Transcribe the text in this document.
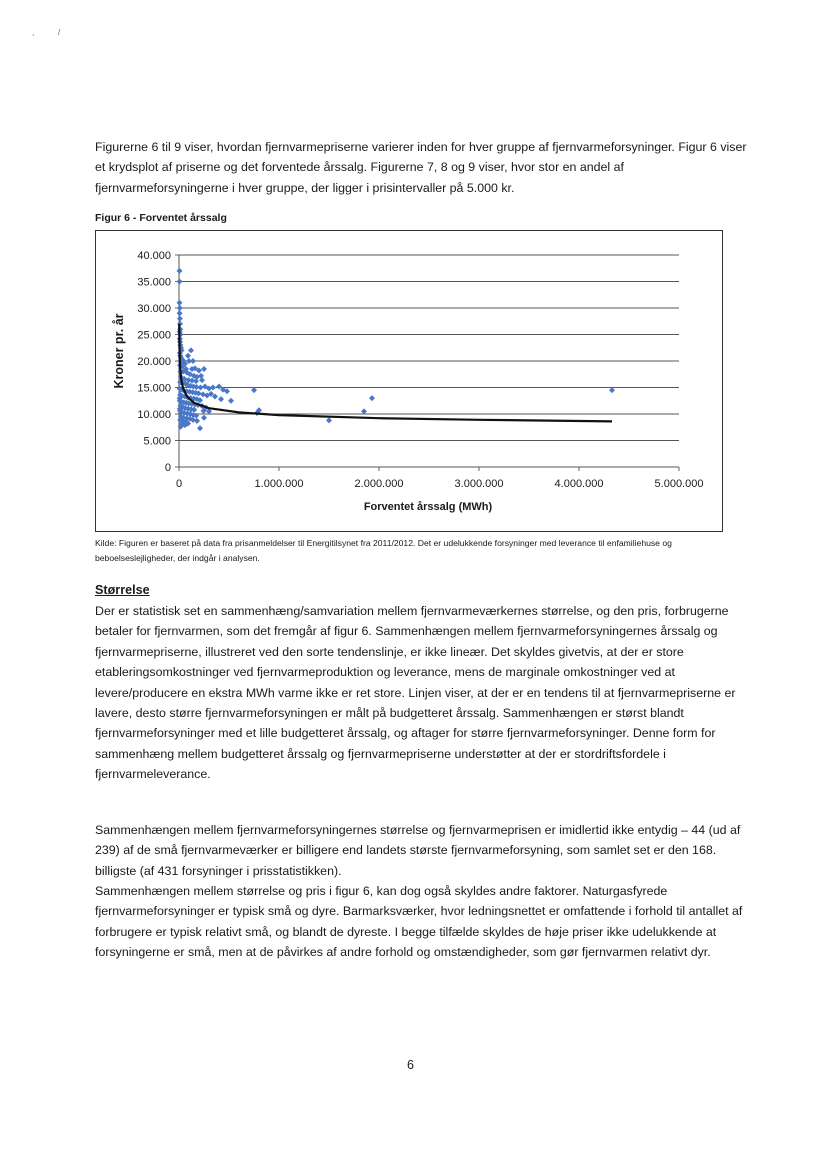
,	/

Figurerne 6 til 9 viser, hvordan fjernvarmepriserne varierer inden for hver gruppe af fjernvarmeforsyninger. Figur 6 viser et krydsplot af priserne og det forventede årssalg. Figurerne 7, 8 og 9 viser, hvor stor en andel af fjernvarmeforsyningerne i hver gruppe, der ligger i prisintervaller på 5.000 kr.

Figur 6 - Forventet årssalg

40.000
35.000
30.000
25.000
20.000
15.000
10.000
5.000
0
0	1.000.000	2.000.000	3.000.000	4.000.000	5.000.000
Kroner pr. år
Forventet årssalg (MWh)

Kilde: Figuren er baseret på data fra prisanmeldelser til Energitilsynet fra 2011/2012. Det er udelukkende forsyninger med leverance til enfamiliehuse og beboelseslejligheder, der indgår i analysen.

Størrelse

Der er statistisk set en sammenhæng/samvariation mellem fjernvarmeværkernes størrelse, og den pris, forbrugerne betaler for fjernvarmen, som det fremgår af figur 6. Sammenhængen mellem fjernvarmeforsyningernes årssalg og fjernvarmepriserne, illustreret ved den sorte tendenslinje, er ikke lineær. Det skyldes givetvis, at der er store etableringsomkostninger ved fjernvarmeproduktion og leverance, mens de marginale omkostninger ved at levere/producere en ekstra MWh varme ikke er ret store. Linjen viser, at der er en tendens til at fjernvarmepriserne er lavere, desto større fjernvarmeforsyningen er målt på budgetteret årssalg. Sammenhængen er størst blandt fjernvarmeforsyninger med et lille budgetteret årssalg, og aftager for større fjernvarmeforsyninger. Denne form for sammenhæng mellem budgetteret årssalg og fjernvarmepriserne understøtter at der er stordriftsfordele i fjernvarmeleverance.

Sammenhængen mellem fjernvarmeforsyningernes størrelse og fjernvarmeprisen er imidlertid ikke entydig – 44 (ud af 239) af de små fjernvarmeværker er billigere end landets største fjernvarmeforsyning, som samlet set er den 168. billigste (af 431 forsyninger i prisstatistikken).

Sammenhængen mellem størrelse og pris i figur 6, kan dog også skyldes andre faktorer. Naturgasfyrede fjernvarmeforsyninger er typisk små og dyre. Barmarksværker, hvor ledningsnettet er omfattende i forhold til antallet af forbrugere er typisk relativt små, og blandt de dyreste. I begge tilfælde skyldes de høje priser ikke udelukkende at forsyningerne er små, men at de påvirkes af andre forhold og omstændigheder, som gør fjernvarmen relativt dyr.

6
